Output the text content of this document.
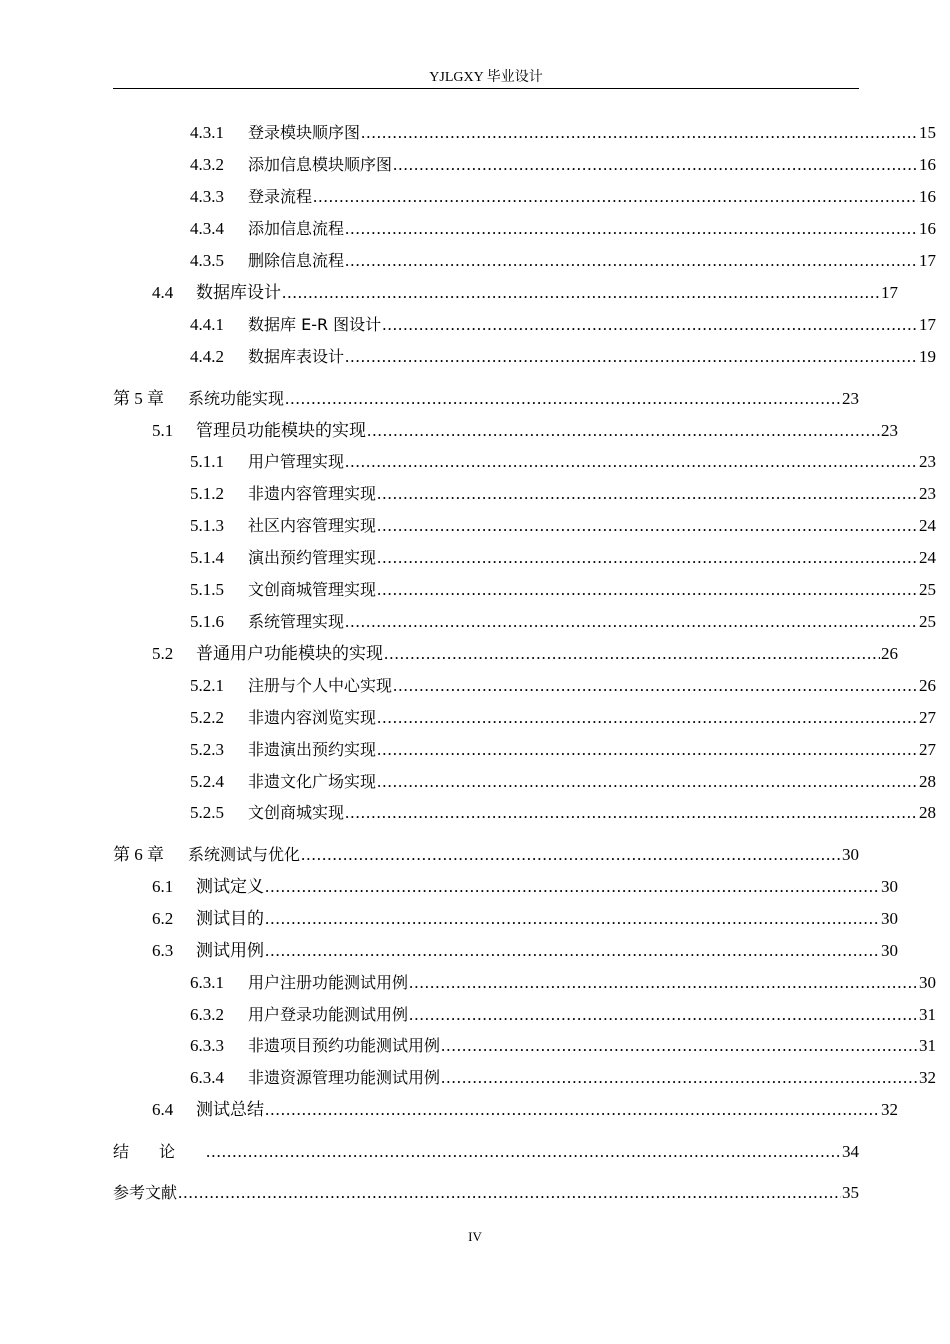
YJLGXY 毕业设计
4.3.1	登录模块顺序图 .....	15
4.3.2	添加信息模块顺序图 .....	16
4.3.3	登录流程 .....	16
4.3.4	添加信息流程 .....	16
4.3.5	删除信息流程 .....	17
4.4	数据库设计 .....	17
4.4.1	数据库 E-R 图设计 .....	17
4.4.2	数据库表设计 .....	19
第 5 章	系统功能实现 .....	23
5.1	管理员功能模块的实现 .....	23
5.1.1	用户管理实现 .....	23
5.1.2	非遗内容管理实现 .....	23
5.1.3	社区内容管理实现 .....	24
5.1.4	演出预约管理实现 .....	24
5.1.5	文创商城管理实现 .....	25
5.1.6	系统管理实现 .....	25
5.2	普通用户功能模块的实现 .....	26
5.2.1	注册与个人中心实现 .....	26
5.2.2	非遗内容浏览实现 .....	27
5.2.3	非遗演出预约实现 .....	27
5.2.4	非遗文化广场实现 .....	28
5.2.5	文创商城实现 .....	28
第 6 章	系统测试与优化 .....	30
6.1	测试定义 .....	30
6.2	测试目的 .....	30
6.3	测试用例 .....	30
6.3.1	用户注册功能测试用例 .....	30
6.3.2	用户登录功能测试用例 .....	31
6.3.3	非遗项目预约功能测试用例 .....	31
6.3.4	非遗资源管理功能测试用例 .....	32
6.4	测试总结 .....	32
结论 .....	34
参考文献 .....	35
IV
